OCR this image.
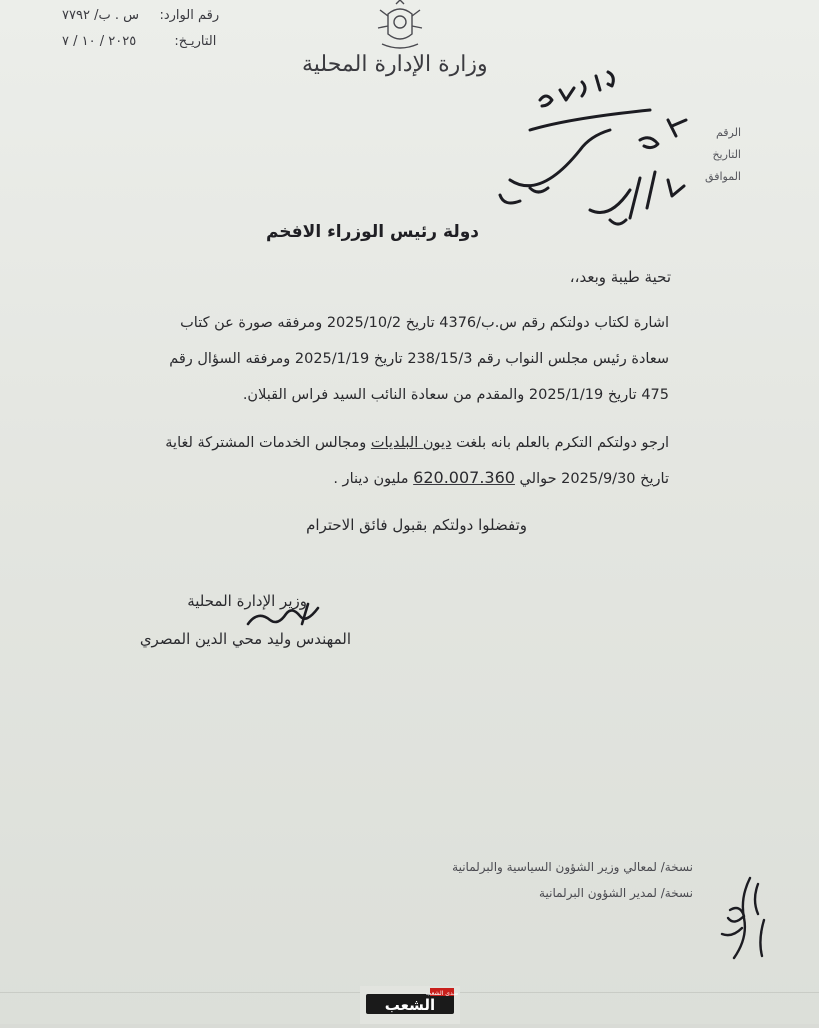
رقم الوارد: س . ب/ ٧٧٩٢
التاريـخ: ٢٠٢٥ / ١٠ / ٧
وزارة الإدارة المحلية
الرقم
التاريخ
الموافق
دولة رئيس الوزراء الافخم
تحية طيبة وبعد،،
اشارة لكتاب دولتكم رقم س.ب/4376 تاريخ 2025/10/2 ومرفقه صورة عن كتاب
سعادة رئيس مجلس النواب رقم 238/15/3 تاريخ 2025/1/19 ومرفقه السؤال رقم
475 تاريخ 2025/1/19 والمقدم من سعادة النائب السيد فراس القبلان.
ارجو دولتكم التكرم بالعلم بانه بلغت ديون البلديات ومجالس الخدمات المشتركة لغاية
تاريخ 2025/9/30 حوالي 620.007.360 مليون دينار .
وتفضلوا دولتكم بقبول فائق الاحترام
وزير الإدارة المحلية
المهندس وليد محي الدين المصري
نسخة/ لمعالي وزير الشؤون السياسية والبرلمانية
نسخة/ لمدير الشؤون البرلمانية
الشعب
صدى الشعب
